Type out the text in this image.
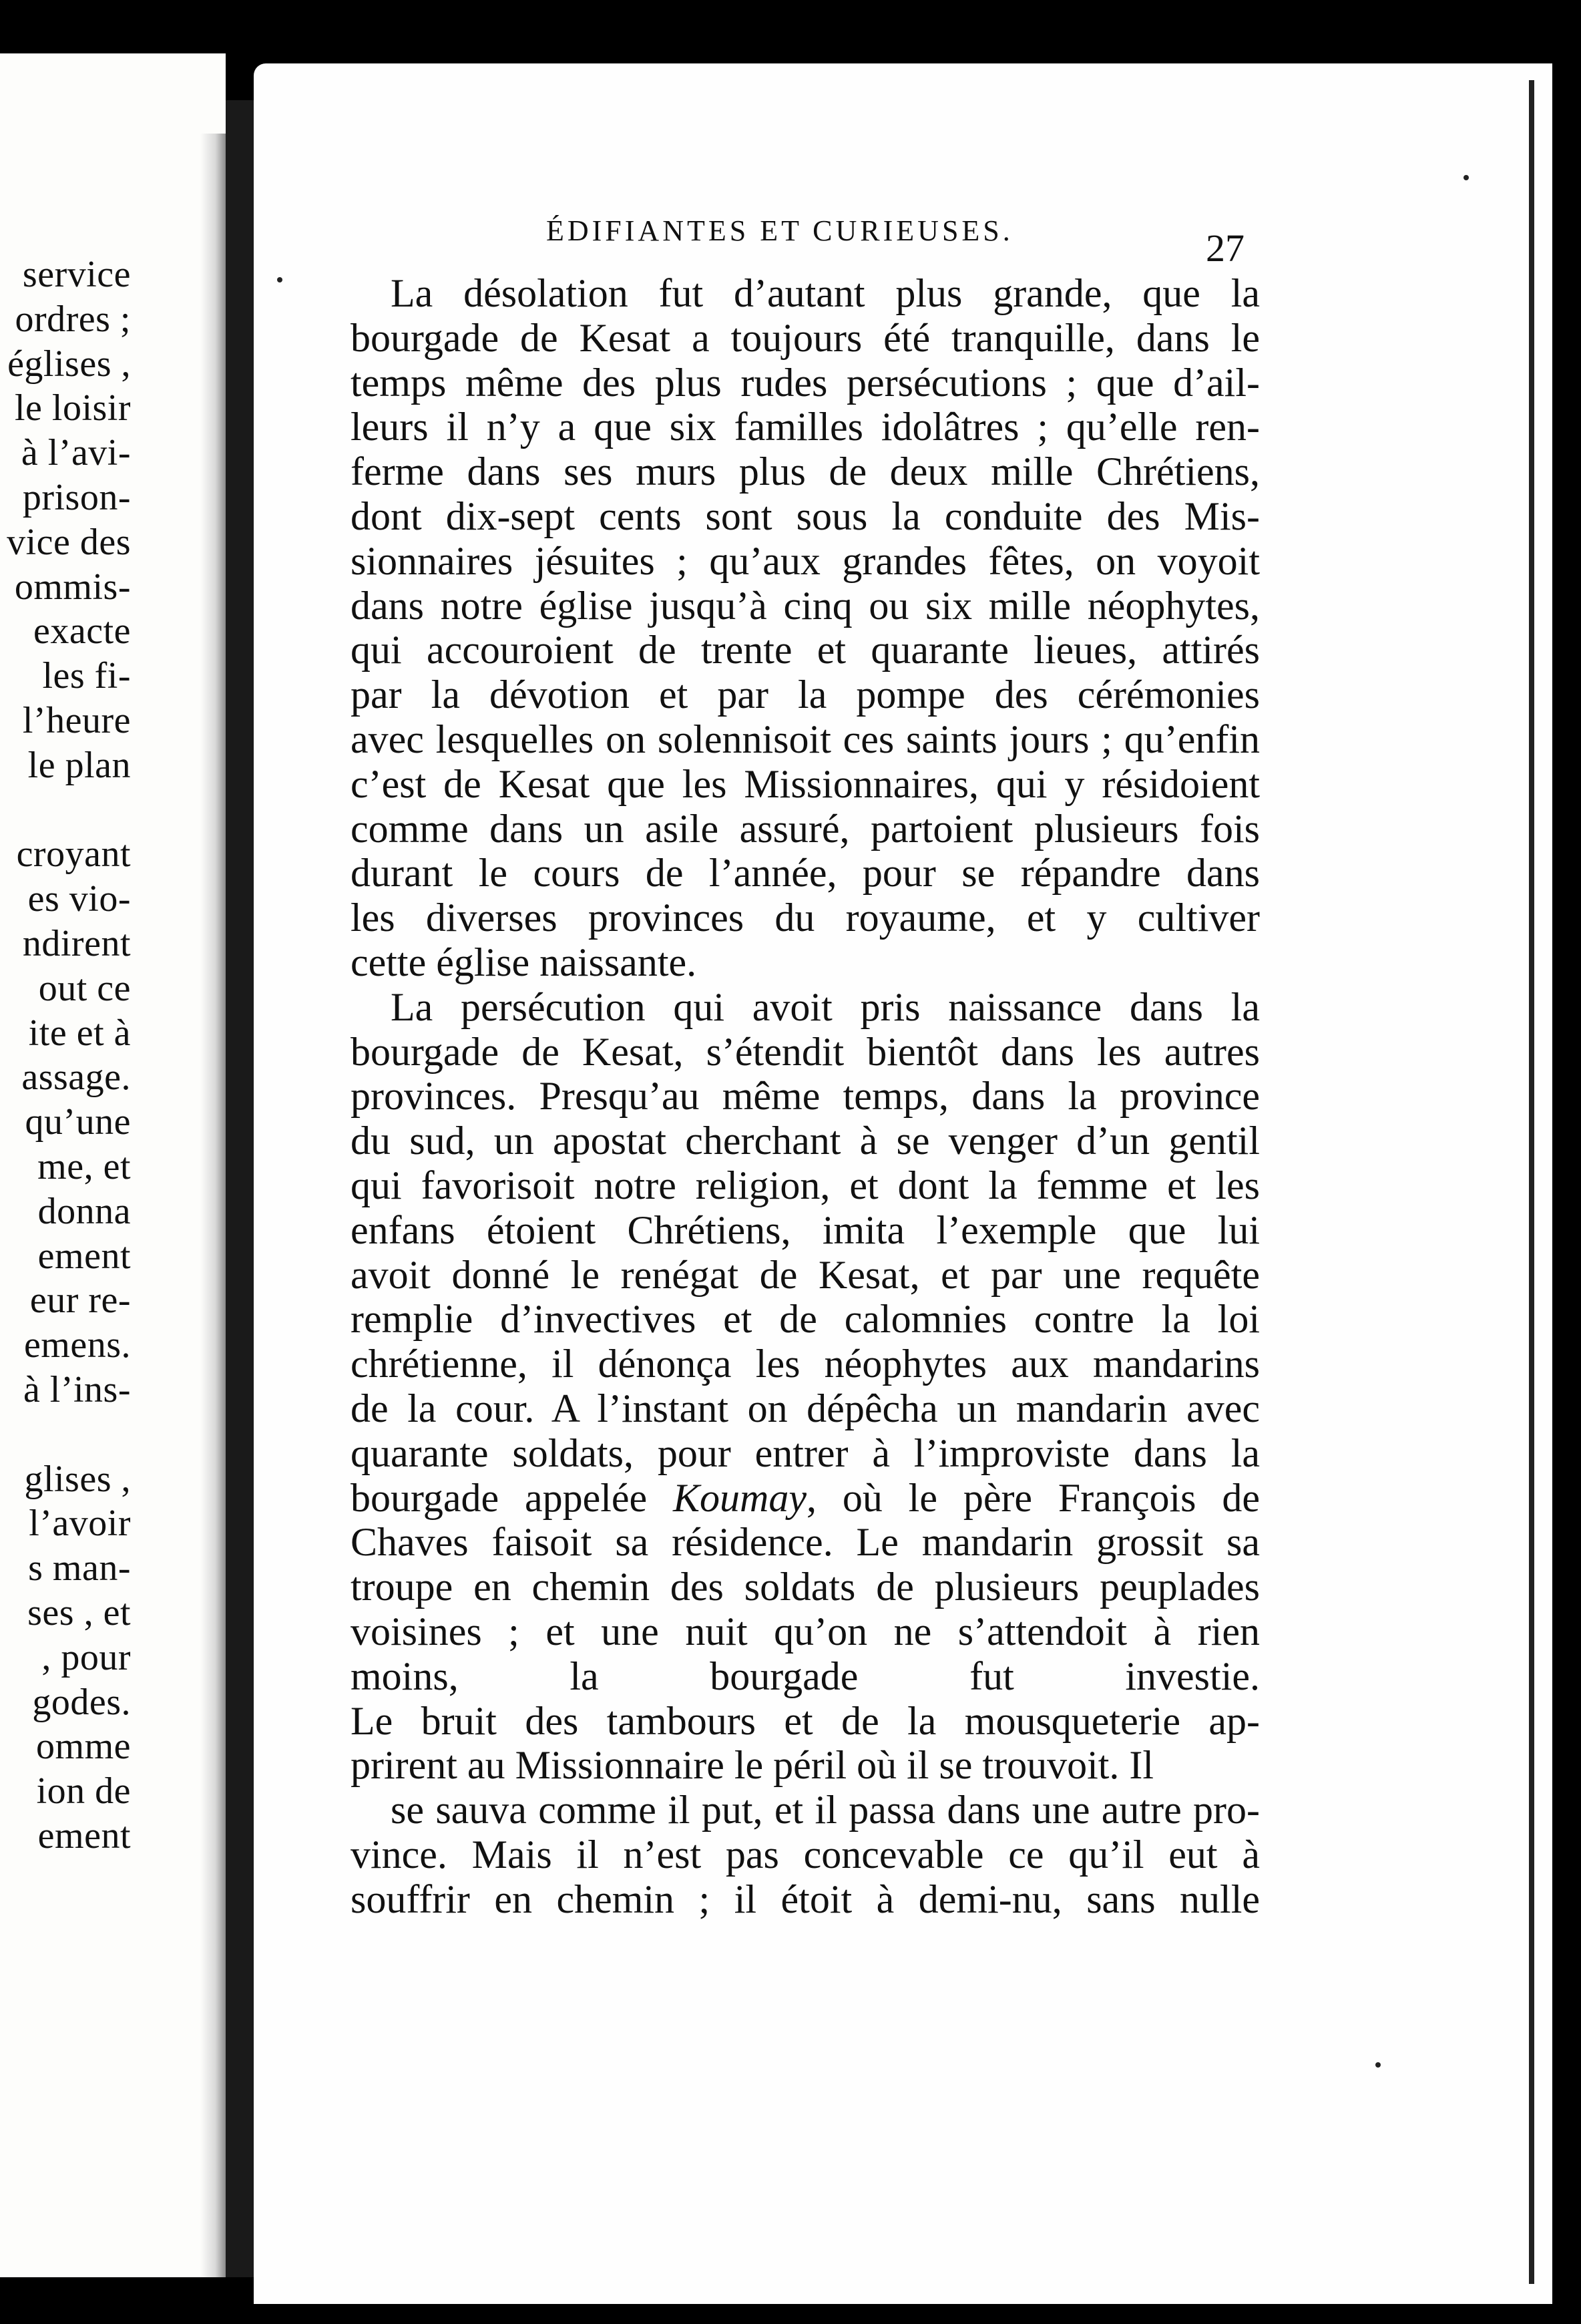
service
ordres ;
églises ,
le loisir
à l’avi-
prison-
vice des
ommis-
exacte
les fi-
l’heure
le plan

croyant
es vio-
ndirent
out ce
ite et à
assage.
qu’une
me, et
donna
ement
eur re-
emens.
à l’ins-

glises ,
l’avoir
s man-
ses , et
, pour
godes.
omme
ion de
ement
ÉDIFIANTES ET CURIEUSES.	27
La désolation fut d’autant plus grande, que la
bourgade de Kesat a toujours été tranquille, dans le
temps même des plus rudes persécutions ; que d’ail-
leurs il n’y a que six familles idolâtres ; qu’elle ren-
ferme dans ses murs plus de deux mille Chrétiens,
dont dix-sept cents sont sous la conduite des Mis-
sionnaires jésuites ; qu’aux grandes fêtes, on voyoit
dans notre église jusqu’à cinq ou six mille néophytes,
qui accouroient de trente et quarante lieues, attirés
par la dévotion et par la pompe des cérémonies
avec lesquelles on solennisoit ces saints jours ; qu’enfin
c’est de Kesat que les Missionnaires, qui y résidoient
comme dans un asile assuré, partoient plusieurs fois
durant le cours de l’année, pour se répandre dans
les diverses provinces du royaume, et y cultiver
cette église naissante.
La persécution qui avoit pris naissance dans la
bourgade de Kesat, s’étendit bientôt dans les autres
provinces. Presqu’au même temps, dans la province
du sud, un apostat cherchant à se venger d’un gentil
qui favorisoit notre religion, et dont la femme et les
enfans étoient Chrétiens, imita l’exemple que lui
avoit donné le renégat de Kesat, et par une requête
remplie d’invectives et de calomnies contre la loi
chrétienne, il dénonça les néophytes aux mandarins
de la cour. A l’instant on dépêcha un mandarin avec
quarante soldats, pour entrer à l’improviste dans la
bourgade appelée Koumay, où le père François de
Chaves faisoit sa résidence. Le mandarin grossit sa
troupe en chemin des soldats de plusieurs peuplades
voisines ; et une nuit qu’on ne s’attendoit à rien
moins, la bourgade fut investie.
Le bruit des tambours et de la mousqueterie ap-
prirent au Missionnaire le péril où il se trouvoit. Il
se sauva comme il put, et il passa dans une autre pro-
vince. Mais il n’est pas concevable ce qu’il eut à
souffrir en chemin ; il étoit à demi-nu, sans nulle
